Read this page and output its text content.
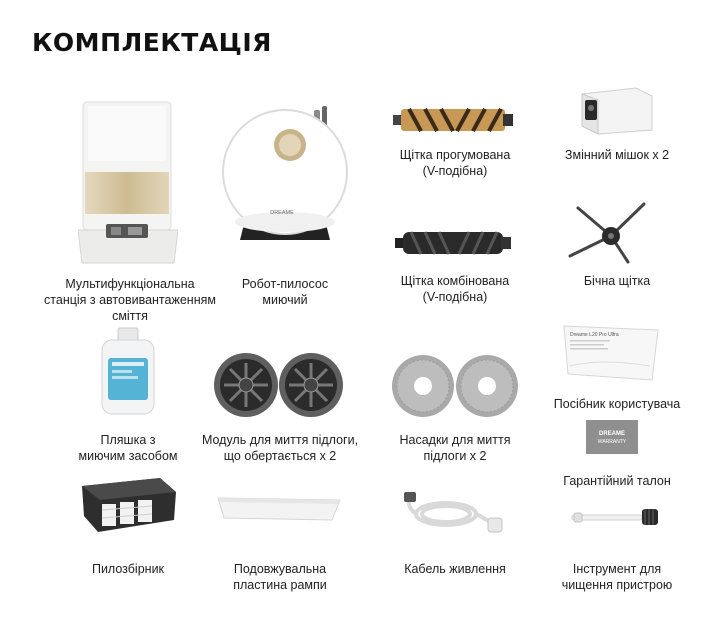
КОМПЛЕКТАЦІЯ
Мультифункціональна
станція з автовивантаженням
сміття
DREAME
Робот-пилосос
миючий
Щітка прогумована
(V-подібна)
Змінний мішок х 2
Щітка комбінована
(V-подібна)
Бічна щітка
Пляшка з
миючим засобом
Модуль для миття підлоги,
що обертається х 2
Насадки для миття
підлоги х 2
Dreame L20 Pro Ultra
Посібник користувача
DREAME
WARRANTY
Гарантійний талон
Пилозбірник	Подовжувальна
пластина рампи
Кабель живлення	Інструмент для
чищення пристрою
